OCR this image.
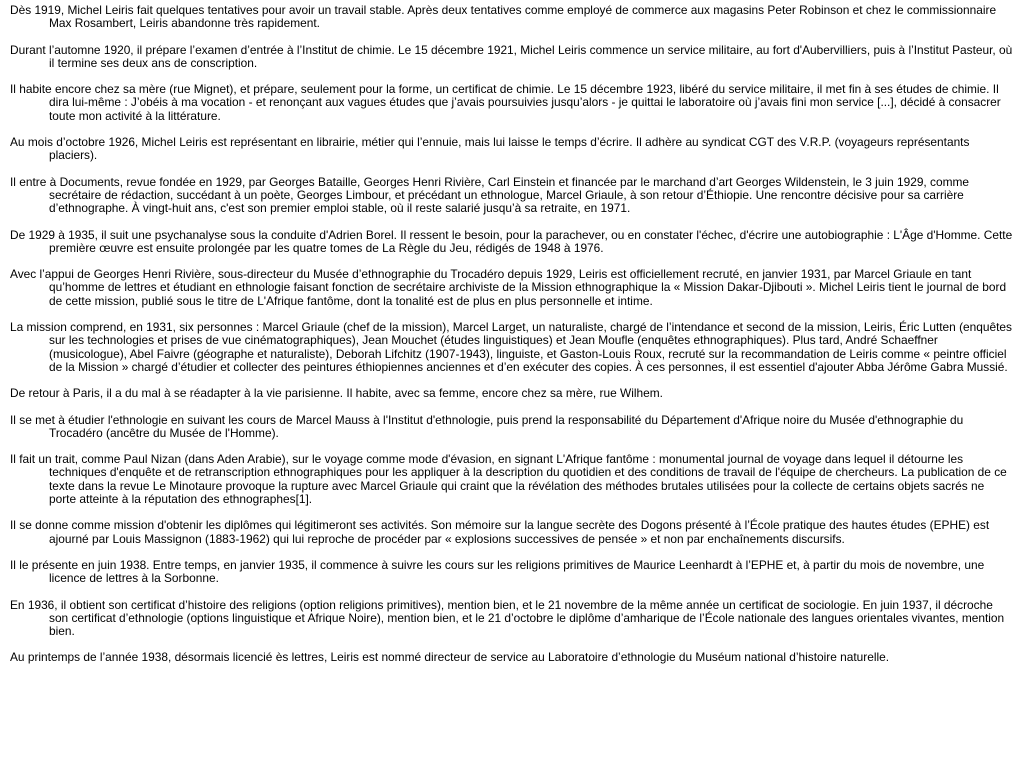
Dès 1919, Michel Leiris fait quelques tentatives pour avoir un travail stable. Après deux tentatives comme employé de commerce aux magasins Peter Robinson et chez le commissionnaire Max Rosambert, Leiris abandonne très rapidement.

Durant l’automne 1920, il prépare l’examen d’entrée à l’Institut de chimie. Le 15 décembre 1921, Michel Leiris commence un service militaire, au fort d'Aubervilliers, puis à l’Institut Pasteur, où il termine ses deux ans de conscription.

Il habite encore chez sa mère (rue Mignet), et prépare, seulement pour la forme, un certificat de chimie. Le 15 décembre 1923, libéré du service militaire, il met fin à ses études de chimie. Il dira lui-même : J’obéis à ma vocation - et renonçant aux vagues études que j’avais poursuivies jusqu’alors - je quittai le laboratoire où j’avais fini mon service [...], décidé à consacrer toute mon activité à la littérature.

Au mois d’octobre 1926, Michel Leiris est représentant en librairie, métier qui l’ennuie, mais lui laisse le temps d’écrire. Il adhère au syndicat CGT des V.R.P. (voyageurs représentants placiers).

Il entre à Documents, revue fondée en 1929, par Georges Bataille, Georges Henri Rivière, Carl Einstein et financée par le marchand d’art Georges Wildenstein, le 3 juin 1929, comme secrétaire de rédaction, succédant à un poète, Georges Limbour, et précédant un ethnologue, Marcel Griaule, à son retour d’Éthiopie. Une rencontre décisive pour sa carrière d’ethnographe. À vingt-huit ans, c'est son premier emploi stable, où il reste salarié jusqu’à sa retraite, en 1971.

De 1929 à 1935, il suit une psychanalyse sous la conduite d'Adrien Borel. Il ressent le besoin, pour la parachever, ou en constater l'échec, d'écrire une autobiographie : L'Âge d'Homme. Cette première œuvre est ensuite prolongée par les quatre tomes de La Règle du Jeu, rédigés de 1948 à 1976.

Avec l’appui de Georges Henri Rivière, sous-directeur du Musée d’ethnographie du Trocadéro depuis 1929, Leiris est officiellement recruté, en janvier 1931, par Marcel Griaule en tant qu’homme de lettres et étudiant en ethnologie faisant fonction de secrétaire archiviste de la Mission ethnographique la « Mission Dakar-Djibouti ». Michel Leiris tient le journal de bord de cette mission, publié sous le titre de L'Afrique fantôme, dont la tonalité est de plus en plus personnelle et intime.

La mission comprend, en 1931, six personnes : Marcel Griaule (chef de la mission), Marcel Larget, un naturaliste, chargé de l’intendance et second de la mission, Leiris, Éric Lutten (enquêtes sur les technologies et prises de vue cinématographiques), Jean Mouchet (études linguistiques) et Jean Moufle (enquêtes ethnographiques). Plus tard, André Schaeffner (musicologue), Abel Faivre (géographe et naturaliste), Deborah Lifchitz (1907-1943), linguiste, et Gaston-Louis Roux, recruté sur la recommandation de Leiris comme « peintre officiel de la Mission » chargé d’étudier et collecter des peintures éthiopiennes anciennes et d’en exécuter des copies. À ces personnes, il est essentiel d'ajouter Abba Jérôme Gabra Mussié.

De retour à Paris, il a du mal à se réadapter à la vie parisienne. Il habite, avec sa femme, encore chez sa mère, rue Wilhem.

Il se met à étudier l'ethnologie en suivant les cours de Marcel Mauss à l'Institut d'ethnologie, puis prend la responsabilité du Département d'Afrique noire du Musée d'ethnographie du Trocadéro (ancêtre du Musée de l'Homme).

Il fait un trait, comme Paul Nizan (dans Aden Arabie), sur le voyage comme mode d'évasion, en signant L'Afrique fantôme : monumental journal de voyage dans lequel il détourne les techniques d'enquête et de retranscription ethnographiques pour les appliquer à la description du quotidien et des conditions de travail de l'équipe de chercheurs. La publication de ce texte dans la revue Le Minotaure provoque la rupture avec Marcel Griaule qui craint que la révélation des méthodes brutales utilisées pour la collecte de certains objets sacrés ne porte atteinte à la réputation des ethnographes[1].

Il se donne comme mission d'obtenir les diplômes qui légitimeront ses activités. Son mémoire sur la langue secrète des Dogons présenté à l’École pratique des hautes études (EPHE) est ajourné par Louis Massignon (1883-1962) qui lui reproche de procéder par « explosions successives de pensée » et non par enchaînements discursifs.

Il le présente en juin 1938. Entre temps, en janvier 1935, il commence à suivre les cours sur les religions primitives de Maurice Leenhardt à l’EPHE et, à partir du mois de novembre, une licence de lettres à la Sorbonne.

En 1936, il obtient son certificat d’histoire des religions (option religions primitives), mention bien, et le 21 novembre de la même année un certificat de sociologie. En juin 1937, il décroche son certificat d’ethnologie (options linguistique et Afrique Noire), mention bien, et le 21 d’octobre le diplôme d’amharique de l’École nationale des langues orientales vivantes, mention bien.

Au printemps de l’année 1938, désormais licencié ès lettres, Leiris est nommé directeur de service au Laboratoire d’ethnologie du Muséum national d’histoire naturelle.
